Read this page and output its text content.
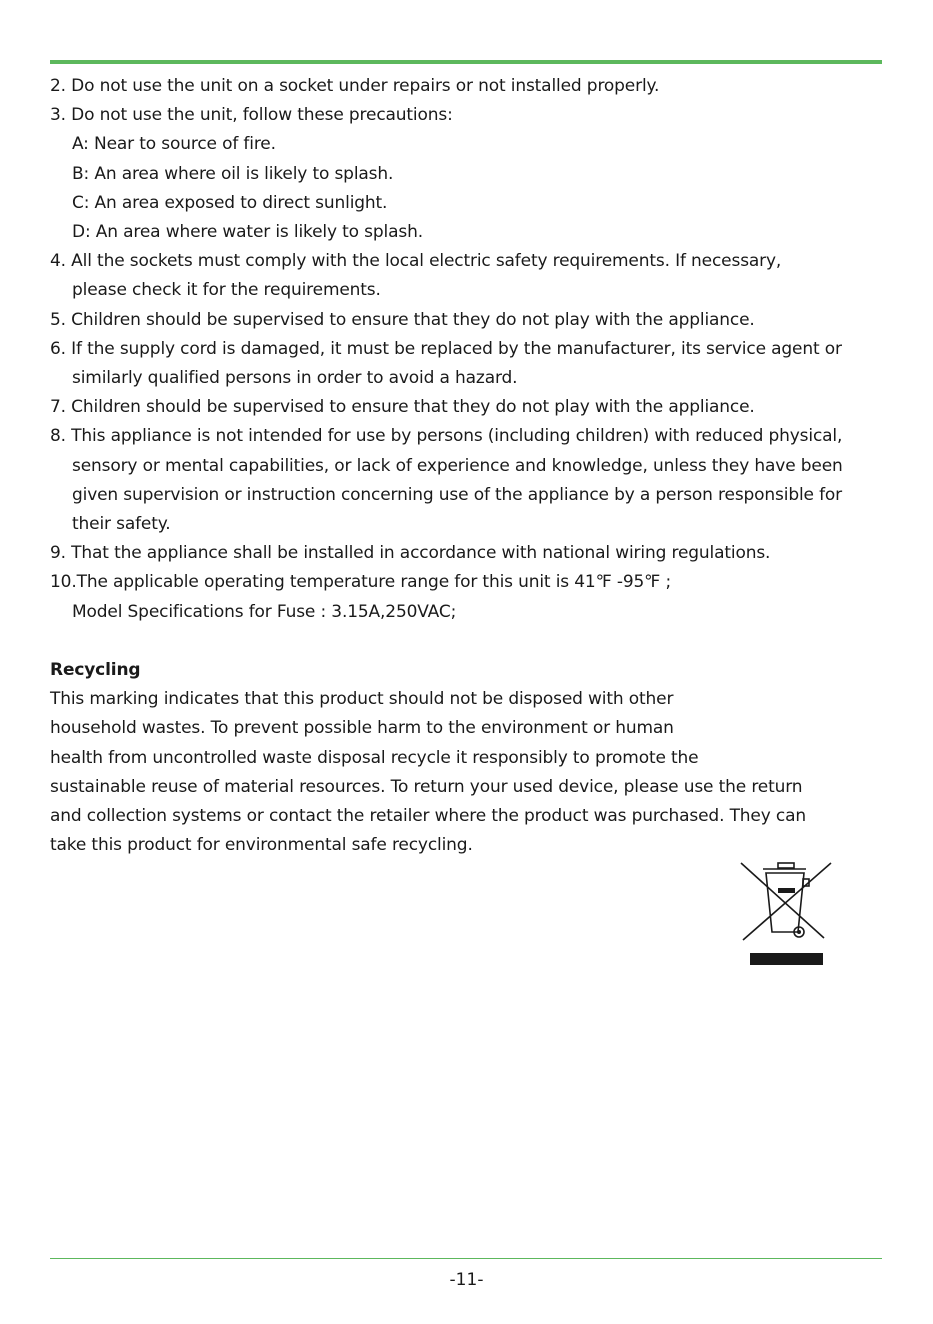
2. Do not use the unit on a socket under repairs or not installed properly.
3. Do not use the unit, follow these precautions:
A: Near to source of fire.
B: An area where oil is likely to splash.
C: An area exposed to direct sunlight.
D: An area where water is likely to splash.
4. All the sockets must comply with the local electric safety requirements. If necessary,
please check it for the requirements.
5. Children should be supervised to ensure that they do not play with the appliance.
6. If the supply cord is damaged, it must be replaced by the manufacturer, its service agent or
similarly qualified persons in order to avoid a hazard.
7. Children should be supervised to ensure that they do not play with the appliance.
8. This appliance is not intended for use by persons (including children) with reduced physical,
sensory or mental capabilities, or lack of experience and knowledge, unless they have been
given supervision or instruction concerning use of the appliance by a person responsible for
their safety.
9. That the appliance shall be installed in accordance with national wiring regulations.
10.The applicable operating temperature range for this unit is 41℉ -95℉ ;
Model Specifications for Fuse : 3.15A,250VAC;
Recycling
This marking indicates that this product should not be disposed with other
household wastes. To prevent possible harm to the environment or human
health from uncontrolled waste disposal recycle it responsibly to promote the
sustainable reuse of material resources. To return your used device, please use the return
and collection systems or contact the retailer where the product was purchased. They can
take this product for environmental safe recycling.
-11-
